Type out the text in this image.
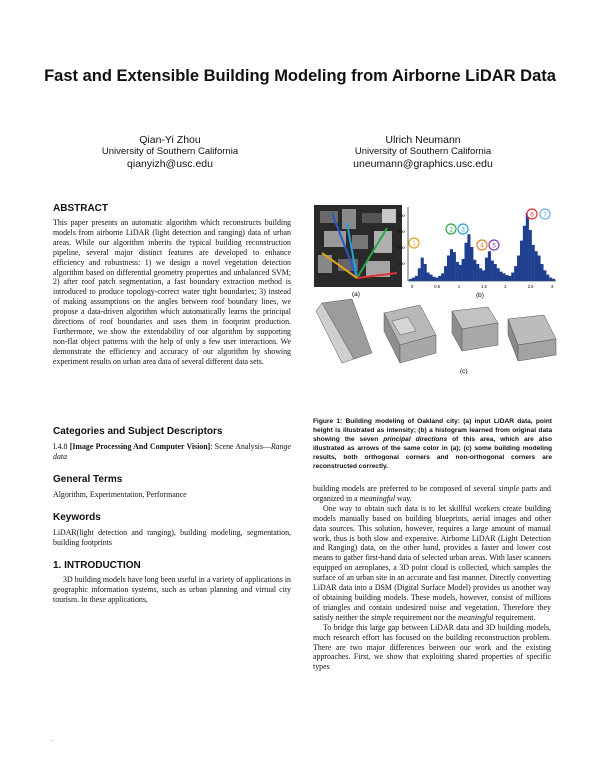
Fast and Extensible Building Modeling from Airborne LiDAR Data
Qian-Yi Zhou
University of Southern California
qianyizh@usc.edu
Ulrich Neumann
University of Southern California
uneumann@graphics.usc.edu
ABSTRACT

This paper presents an automatic algorithm which reconstructs building models from airborne LiDAR (light detection and ranging) data of urban areas. While our algorithm inherits the typical building reconstruction pipeline, several major distinct features are developed to enhance efficiency and robustness: 1) we design a novel vegetation detection algorithm based on differential geometry properties and unbalanced SVM; 2) after roof patch segmentation, a fast boundary extraction method is introduced to produce topology-correct water tight boundaries; 3) instead of making assumptions on the angles between roof boundary lines, we propose a data-driven algorithm which automatically learns the principal directions of roof boundaries and uses them in footprint production. Furthermore, we show the extendability of our algorithm by supporting non-flat object patterns with the help of only a few user interactions. We demonstrate the efficiency and accuracy of our algorithm by showing experiment results on urban area data of several different data sets.

Categories and Subject Descriptors

I.4.8 [Image Processing And Computer Vision]: Scene Analysis—Range data

General Terms

Algorithm, Experimentation, Performance

Keywords

LiDAR(light detection and ranging), building modeling, segmentation, building footprints

1. INTRODUCTION

3D building models have long been useful in a variety of applications in geographic information systems, such as urban planning and virtual city tourism. In these applications,

(a)
0	0.5	1	1.5	2	2.5	3
400
300
200
100
1
2 3
4 5
6 7
(b)
(c)
Figure 1: Building modeling of Oakland city: (a) input LiDAR data, point height is illustrated as intensity; (b) a histogram learned from original data showing the seven principal directions of this area, which are also illustrated as arrows of the same color in (a); (c) some building modeling results, both orthogonal corners and non-orthogonal corners are reconstructed correctly.

building models are preferred to be composed of several simple parts and organized in a meaningful way.

One way to obtain such data is to let skillful workers create building models manually based on building blueprints, aerial images and other data sources. This solution, however, requires a large amount of manual work, thus is both slow and expensive. Airborne LiDAR (Light Detection and Ranging) data, on the other hand, provides a faster and lower cost means to gather first-hand data of selected urban areas. With laser scanners equipped on aeroplanes, a 3D point cloud is collected, which samples the surface of an urban site in an accurate and fast manner. Directly converting LiDAR data into a DSM (Digital Surface Model) provides us another way of obtaining building models. These models, however, consist of millions of triangles and contain undesired noise and vegetation. Therefore they satisfy neither the simple requirement nor the meaningful requirement.

To bridge this large gap between LiDAR data and 3D building models, much research effort has focused on the building reconstruction problem. There are two major differences between our work and the existing approaches. First, we show that exploiting shared properties of specific types

.
